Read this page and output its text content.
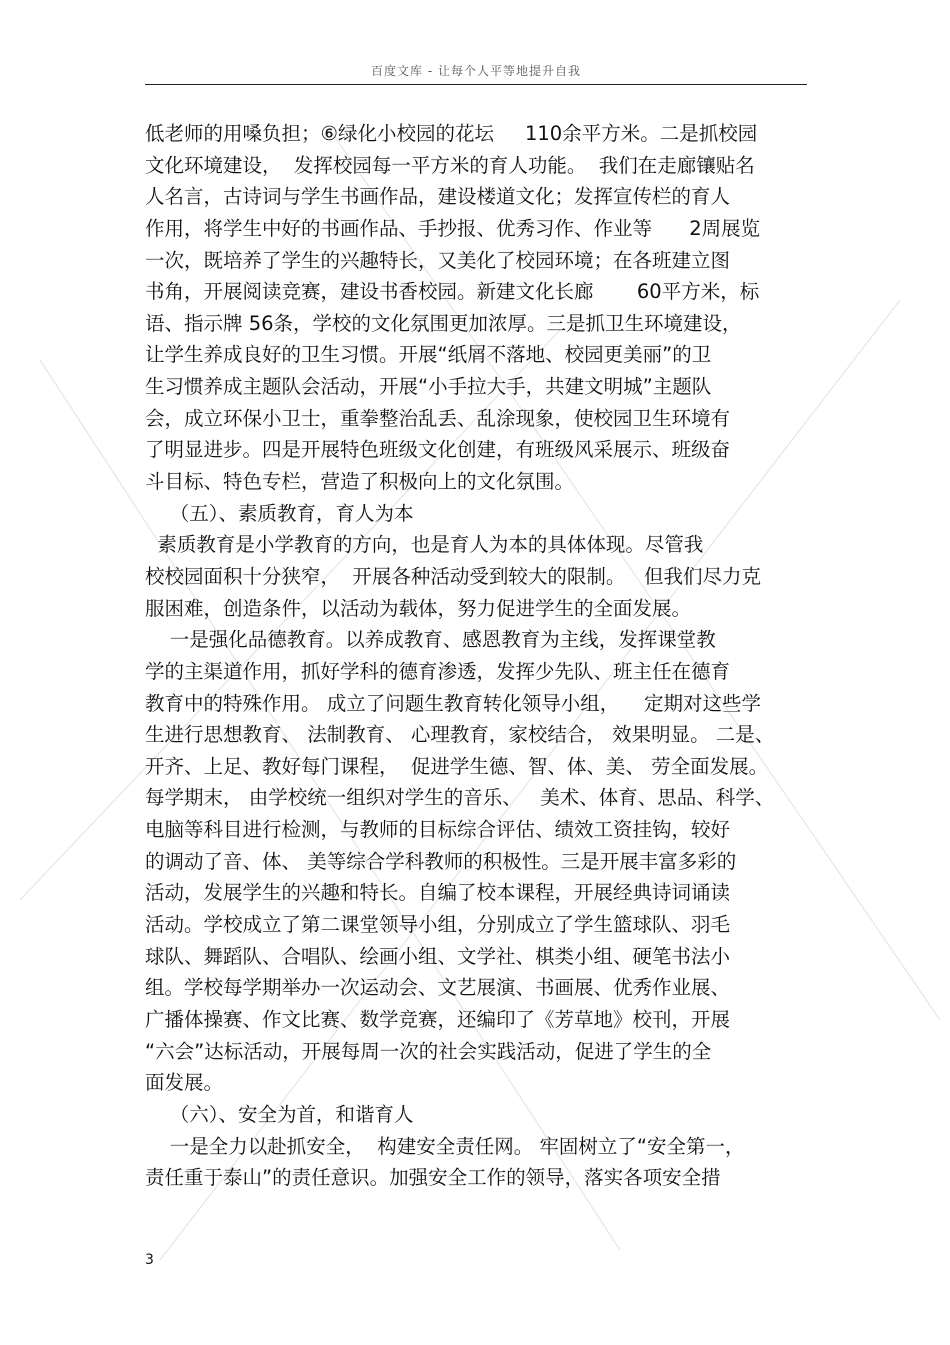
百度文库 - 让每个人平等地提升自我
低老师的用嗓负担；⑥绿化小校园的花坛     110余平方米。二是抓校园
文化环境建设，  发挥校园每一平方米的育人功能。  我们在走廊镶贴名
人名言，古诗词与学生书画作品，建设楼道文化；发挥宣传栏的育人
作用，将学生中好的书画作品、手抄报、优秀习作、作业等      2周展览
一次，既培养了学生的兴趣特长，又美化了校园环境；在各班建立图
书角，开展阅读竞赛，建设书香校园。新建文化长廊       60平方米，标
语、指示牌 56条，学校的文化氛围更加浓厚。三是抓卫生环境建设，
让学生养成良好的卫生习惯。开展“纸屑不落地、校园更美丽”的卫
生习惯养成主题队会活动，开展“小手拉大手，共建文明城”主题队
会，成立环保小卫士，重拳整治乱丢、乱涂现象，使校园卫生环境有
了明显进步。四是开展特色班级文化创建，有班级风采展示、班级奋
斗目标、特色专栏，营造了积极向上的文化氛围。
（五）、素质教育，育人为本
素质教育是小学教育的方向，也是育人为本的具体体现。尽管我
校校园面积十分狭窄，  开展各种活动受到较大的限制。   但我们尽力克
服困难，创造条件，以活动为载体，努力促进学生的全面发展。
一是强化品德教育。以养成教育、感恩教育为主线，发挥课堂教
学的主渠道作用，抓好学科的德育渗透，发挥少先队、班主任在德育
教育中的特殊作用。 成立了问题生教育转化领导小组，    定期对这些学
生进行思想教育、 法制教育、 心理教育，家校结合， 效果明显。 二是、
开齐、上足、教好每门课程，  促进学生德、智、体、美、 劳全面发展。
每学期末， 由学校统一组织对学生的音乐、   美术、体育、思品、科学、
电脑等科目进行检测，与教师的目标综合评估、绩效工资挂钩，较好
的调动了音、体、 美等综合学科教师的积极性。三是开展丰富多彩的
活动，发展学生的兴趣和特长。自编了校本课程，开展经典诗词诵读
活动。学校成立了第二课堂领导小组，分别成立了学生篮球队、羽毛
球队、舞蹈队、合唱队、绘画小组、文学社、棋类小组、硬笔书法小
组。学校每学期举办一次运动会、文艺展演、书画展、优秀作业展、
广播体操赛、作文比赛、数学竞赛，还编印了《芳草地》校刊，开展
“六会”达标活动，开展每周一次的社会实践活动，促进了学生的全
面发展。
（六）、安全为首，和谐育人
一是全力以赴抓安全，  构建安全责任网。 牢固树立了“安全第一，
责任重于泰山”的责任意识。加强安全工作的领导，落实各项安全措
3
